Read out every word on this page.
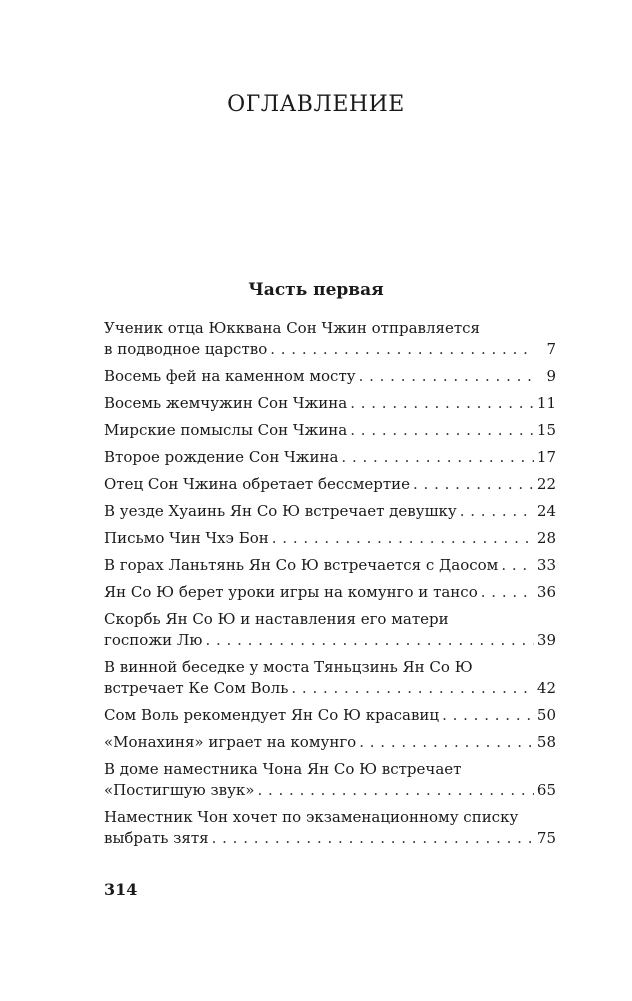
ОГЛАВЛЕНИЕ
Часть первая
Ученик отца Юкквана Сон Чжин отправляется
в подводное царство . . .	7
Восемь фей на каменном мосту . . .	9
Восемь жемчужин Сон Чжина . . .	11
Мирские помыслы Сон Чжина . . .	15
Второе рождение Сон Чжина . . .	17
Отец Сон Чжина обретает бессмертие . . .	22
В уезде Хуаинь Ян Со Ю встречает девушку . . .	24
Письмо Чин Чхэ Бон . . .	28
В горах Ланьтянь Ян Со Ю встречается с Даосом . . .	33
Ян Со Ю берет уроки игры на комунго и тансо . . .	36
Скорбь Ян Со Ю и наставления его матери
госпожи Лю . . .	39
В винной беседке у моста Тяньцзинь Ян Со Ю
встречает Ке Сом Воль . . .	42
Сом Воль рекомендует Ян Со Ю красавиц . . .	50
«Монахиня» играет на комунго . . .	58
В доме наместника Чона Ян Со Ю встречает
«Постигшую звук» . . .	65
Наместник Чон хочет по экзаменационному списку
выбрать зятя . . .	75
314
